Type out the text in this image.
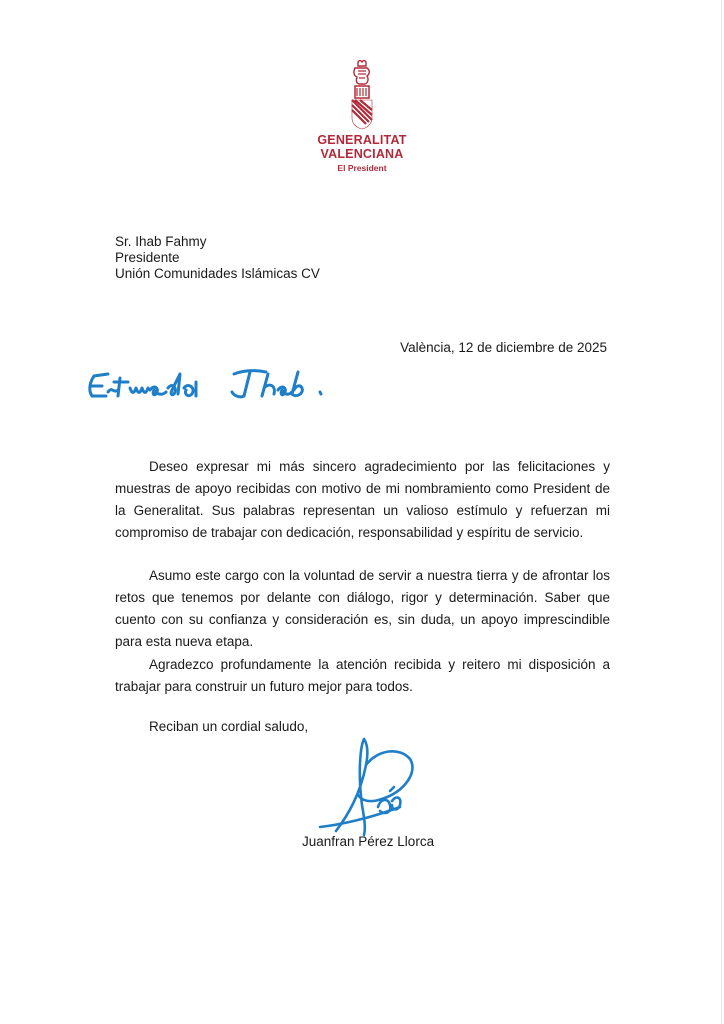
GENERALITAT
VALENCIANA
El President
Sr. Ihab Fahmy
Presidente
Unión Comunidades Islámicas CV
València, 12 de diciembre de 2025

Deseo expresar mi más sincero agradecimiento por las felicitaciones y muestras de apoyo recibidas con motivo de mi nombramiento como President de la Generalitat. Sus palabras representan un valioso estímulo y refuerzan mi compromiso de trabajar con dedicación, responsabilidad y espíritu de servicio.

Asumo este cargo con la voluntad de servir a nuestra tierra y de afrontar los retos que tenemos por delante con diálogo, rigor y determinación. Saber que cuento con su confianza y consideración es, sin duda, un apoyo imprescindible para esta nueva etapa.

Agradezco profundamente la atención recibida y reitero mi disposición a trabajar para construir un futuro mejor para todos.

Reciban un cordial saludo,
Juanfran Pérez Llorca
